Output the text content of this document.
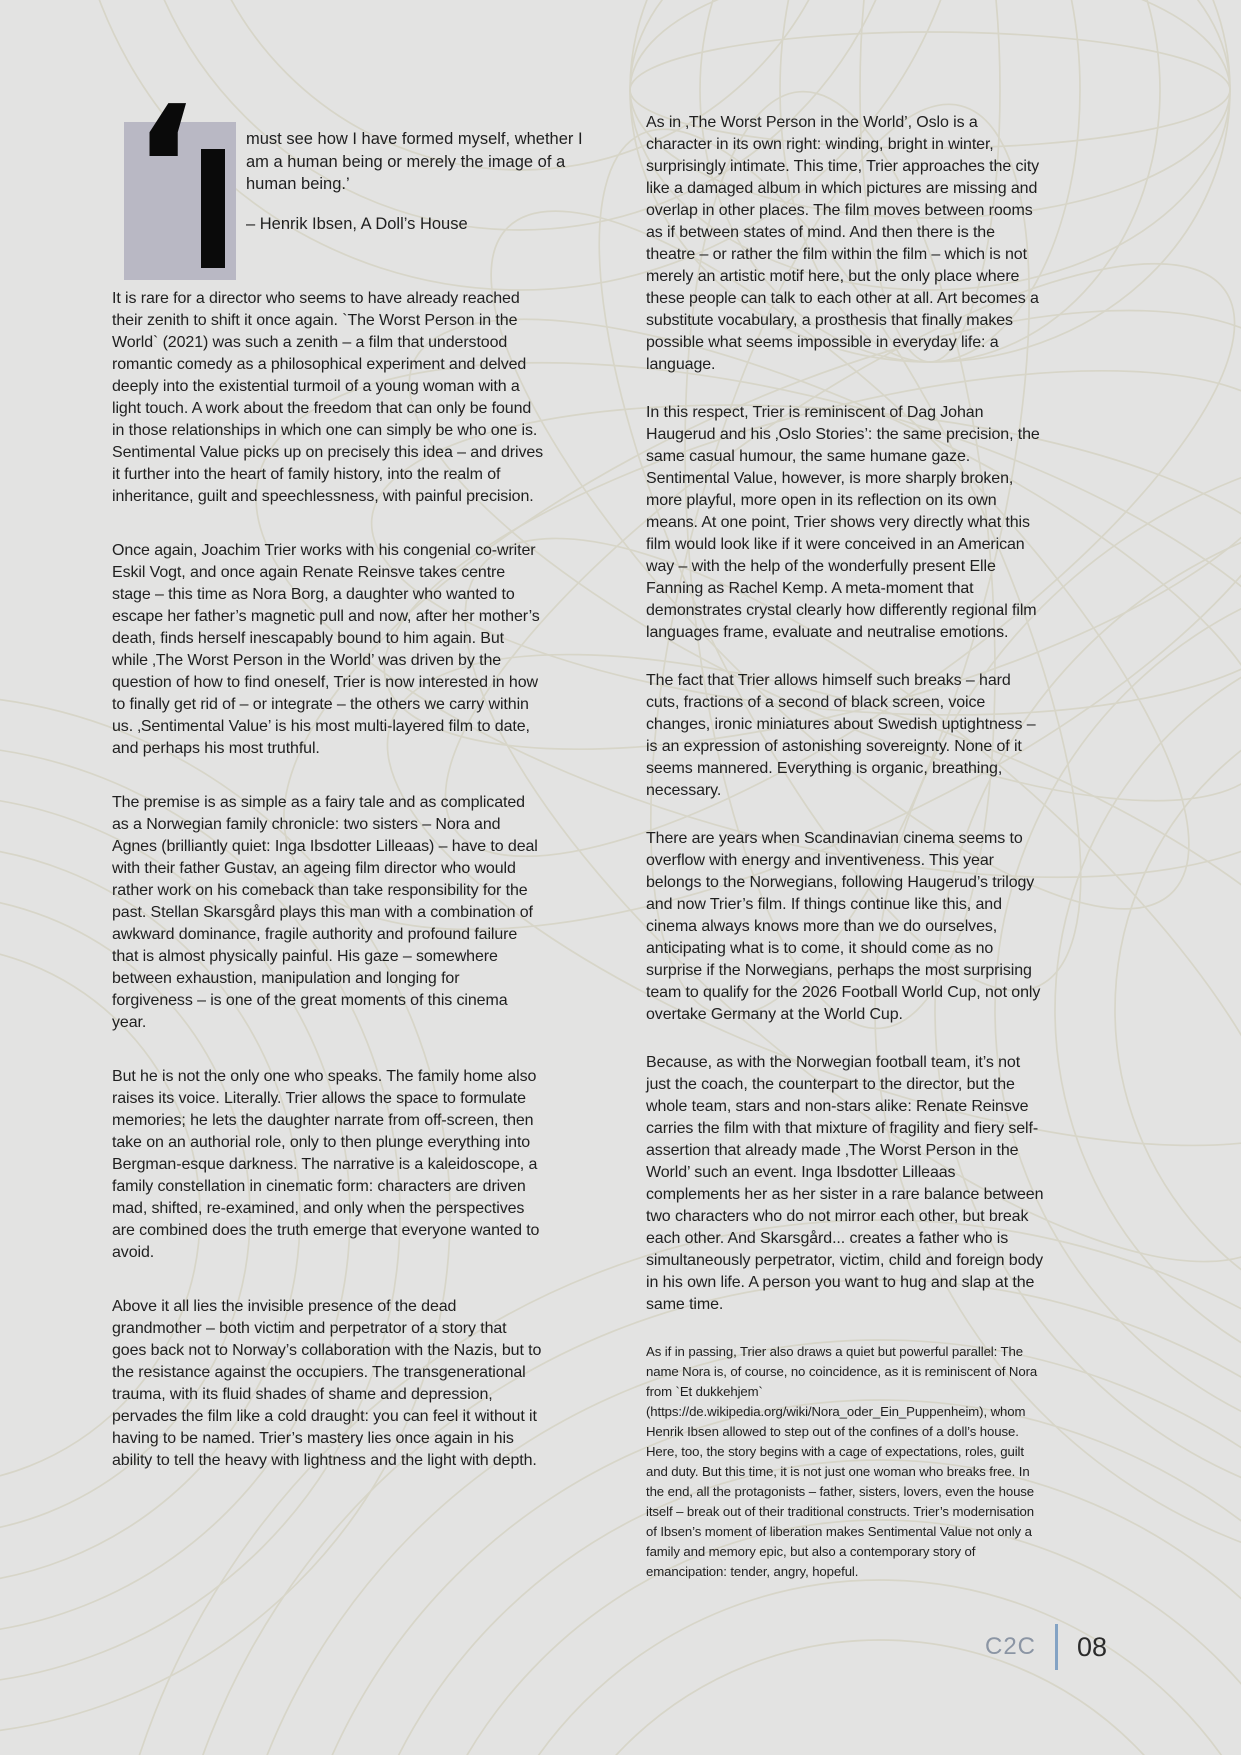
‘	must see how I have formed myself, whether I am a human being or merely the image of a human being.’
– Henrik Ibsen, A Doll’s House

It is rare for a director who seems to have already reached their zenith to shift it once again. `The Worst Person in the World` (2021) was such a zenith – a film that understood romantic comedy as a philosophical experiment and delved deeply into the existential turmoil of a young woman with a light touch. A work about the freedom that can only be found in those relationships in which one can simply be who one is. Sentimental Value picks up on precisely this idea – and drives it further into the heart of family history, into the realm of inheritance, guilt and speechlessness, with painful precision.

Once again, Joachim Trier works with his congenial co-writer Eskil Vogt, and once again Renate Reinsve takes centre stage – this time as Nora Borg, a daughter who wanted to escape her father’s magnetic pull and now, after her mother’s death, finds herself inescapably bound to him again. But while ‚The Worst Person in the World’ was driven by the question of how to find oneself, Trier is now interested in how to finally get rid of – or integrate – the others we carry within us. ‚Sentimental Value’ is his most multi-layered film to date, and perhaps his most truthful.

The premise is as simple as a fairy tale and as complicated as a Norwegian family chronicle: two sisters – Nora and Agnes (brilliantly quiet: Inga Ibsdotter Lilleaas) – have to deal with their father Gustav, an ageing film director who would rather work on his comeback than take responsibility for the past. Stellan Skarsgård plays this man with a combination of awkward dominance, fragile authority and profound failure that is almost physically painful. His gaze – somewhere between exhaustion, manipulation and longing for forgiveness – is one of the great moments of this cinema year.

But he is not the only one who speaks. The family home also raises its voice. Literally. Trier allows the space to formulate memories; he lets the daughter narrate from off-screen, then take on an authorial role, only to then plunge everything into Bergman-esque darkness. The narrative is a kaleidoscope, a family constellation in cinematic form: characters are driven mad, shifted, re-examined, and only when the perspectives are combined does the truth emerge that everyone wanted to avoid.

Above it all lies the invisible presence of the dead grandmother – both victim and perpetrator of a story that goes back not to Norway’s collaboration with the Nazis, but to the resistance against the occupiers. The transgenerational trauma, with its fluid shades of shame and depression, pervades the film like a cold draught: you can feel it without it having to be named. Trier’s mastery lies once again in his ability to tell the heavy with lightness and the light with depth.

As in ‚The Worst Person in the World’, Oslo is a character in its own right: winding, bright in winter, surprisingly intimate. This time, Trier approaches the city like a damaged album in which pictures are missing and overlap in other places. The film moves between rooms as if between states of mind. And then there is the theatre – or rather the film within the film – which is not merely an artistic motif here, but the only place where these people can talk to each other at all. Art becomes a substitute vocabulary, a prosthesis that finally makes possible what seems impossible in everyday life: a language.

In this respect, Trier is reminiscent of Dag Johan Haugerud and his ‚Oslo Stories’: the same precision, the same casual humour, the same humane gaze. Sentimental Value, however, is more sharply broken, more playful, more open in its reflection on its own means. At one point, Trier shows very directly what this film would look like if it were conceived in an American way – with the help of the wonderfully present Elle Fanning as Rachel Kemp. A meta-moment that demonstrates crystal clearly how differently regional film languages frame, evaluate and neutralise emotions.

The fact that Trier allows himself such breaks – hard cuts, fractions of a second of black screen, voice changes, ironic miniatures about Swedish uptightness – is an expression of astonishing sovereignty. None of it seems mannered. Everything is organic, breathing, necessary.

There are years when Scandinavian cinema seems to overflow with energy and inventiveness. This year belongs to the Norwegians, following Haugerud’s trilogy and now Trier’s film. If things continue like this, and cinema always knows more than we do ourselves, anticipating what is to come, it should come as no surprise if the Norwegians, perhaps the most surprising team to qualify for the 2026 Football World Cup, not only overtake Germany at the World Cup.

Because, as with the Norwegian football team, it’s not just the coach, the counterpart to the director, but the whole team, stars and non-stars alike: Renate Reinsve carries the film with that mixture of fragility and fiery self-assertion that already made ‚The Worst Person in the World’ such an event. Inga Ibsdotter Lilleaas complements her as her sister in a rare balance between two characters who do not mirror each other, but break each other. And Skarsgård... creates a father who is simultaneously perpetrator, victim, child and foreign body in his own life. A person you want to hug and slap at the same time.

As if in passing, Trier also draws a quiet but powerful parallel: The name Nora is, of course, no coincidence, as it is reminiscent of Nora from `Et dukkehjem` (https://de.wikipedia.org/wiki/Nora_oder_Ein_Puppenheim), whom Henrik Ibsen allowed to step out of the confines of a doll’s house. Here, too, the story begins with a cage of expectations, roles, guilt and duty. But this time, it is not just one woman who breaks free. In the end, all the protagonists – father, sisters, lovers, even the house itself – break out of their traditional constructs. Trier’s modernisation of Ibsen’s moment of liberation makes Sentimental Value not only a family and memory epic, but also a contemporary story of emancipation: tender, angry, hopeful.

C2C 08
